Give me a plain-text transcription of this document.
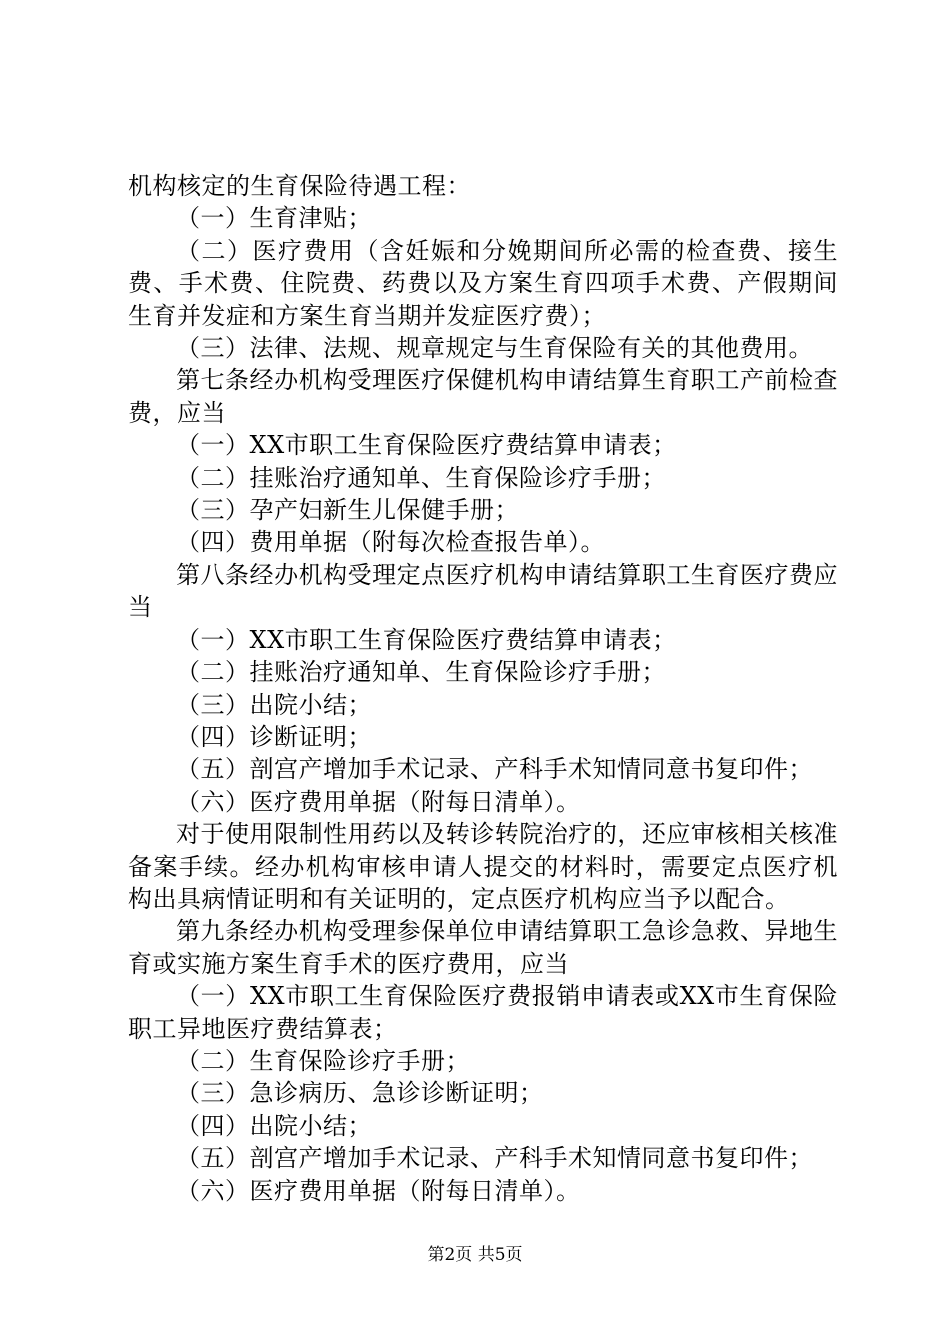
机构核定的生育保险待遇工程：

（一）生育津贴；

（二）医疗费用（含妊娠和分娩期间所必需的检查费、接生费、手术费、住院费、药费以及方案生育四项手术费、产假期间生育并发症和方案生育当期并发症医疗费）；

（三）法律、法规、规章规定与生育保险有关的其他费用。

第七条经办机构受理医疗保健机构申请结算生育职工产前检查费，应当

（一）XX市职工生育保险医疗费结算申请表；

（二）挂账治疗通知单、生育保险诊疗手册；

（三）孕产妇新生儿保健手册；

（四）费用单据（附每次检查报告单）。

第八条经办机构受理定点医疗机构申请结算职工生育医疗费应当

（一）XX市职工生育保险医疗费结算申请表；

（二）挂账治疗通知单、生育保险诊疗手册；

（三）出院小结；

（四）诊断证明；

（五）剖宫产增加手术记录、产科手术知情同意书复印件；

（六）医疗费用单据（附每日清单）。

对于使用限制性用药以及转诊转院治疗的，还应审核相关核准备案手续。经办机构审核申请人提交的材料时，需要定点医疗机构出具病情证明和有关证明的，定点医疗机构应当予以配合。

第九条经办机构受理参保单位申请结算职工急诊急救、异地生育或实施方案生育手术的医疗费用，应当

（一）XX市职工生育保险医疗费报销申请表或XX市生育保险职工异地医疗费结算表；

（二）生育保险诊疗手册；

（三）急诊病历、急诊诊断证明；

（四）出院小结；

（五）剖宫产增加手术记录、产科手术知情同意书复印件；

（六）医疗费用单据（附每日清单）。

第2页 共5页
